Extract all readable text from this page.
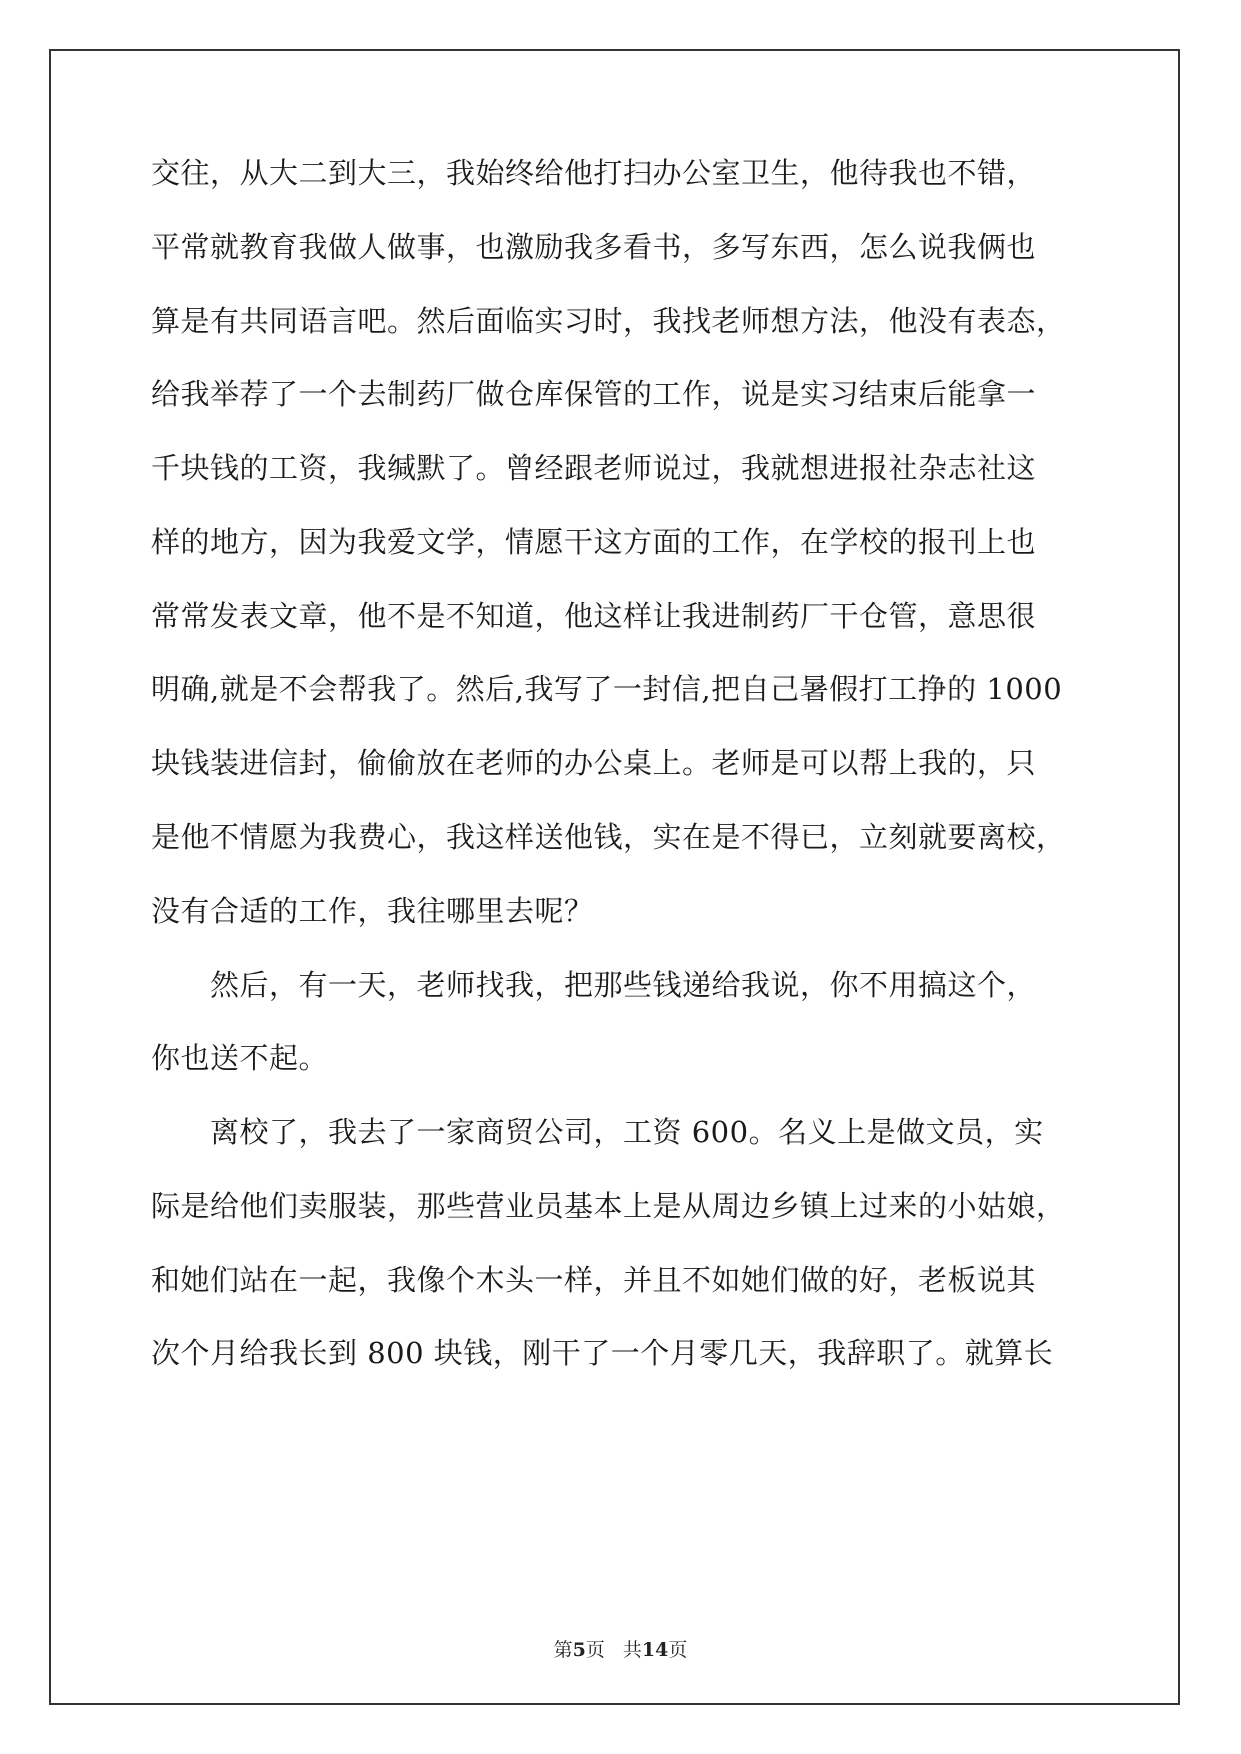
交往，从大二到大三，我始终给他打扫办公室卫生，他待我也不错，
平常就教育我做人做事，也激励我多看书，多写东西，怎么说我俩也
算是有共同语言吧。然后面临实习时，我找老师想方法，他没有表态，
给我举荐了一个去制药厂做仓库保管的工作，说是实习结束后能拿一
千块钱的工资，我缄默了。曾经跟老师说过，我就想进报社杂志社这
样的地方，因为我爱文学，情愿干这方面的工作，在学校的报刊上也
常常发表文章，他不是不知道，他这样让我进制药厂干仓管，意思很
明确,就是不会帮我了。然后,我写了一封信,把自己暑假打工挣的 1000
块钱装进信封，偷偷放在老师的办公桌上。老师是可以帮上我的，只
是他不情愿为我费心，我这样送他钱，实在是不得已，立刻就要离校，
没有合适的工作，我往哪里去呢？
　　然后，有一天，老师找我，把那些钱递给我说，你不用搞这个，
你也送不起。
　　离校了，我去了一家商贸公司，工资 600。名义上是做文员，实
际是给他们卖服装，那些营业员基本上是从周边乡镇上过来的小姑娘，
和她们站在一起，我像个木头一样，并且不如她们做的好，老板说其
次个月给我长到 800 块钱，刚干了一个月零几天，我辞职了。就算长
第5页 共14页
